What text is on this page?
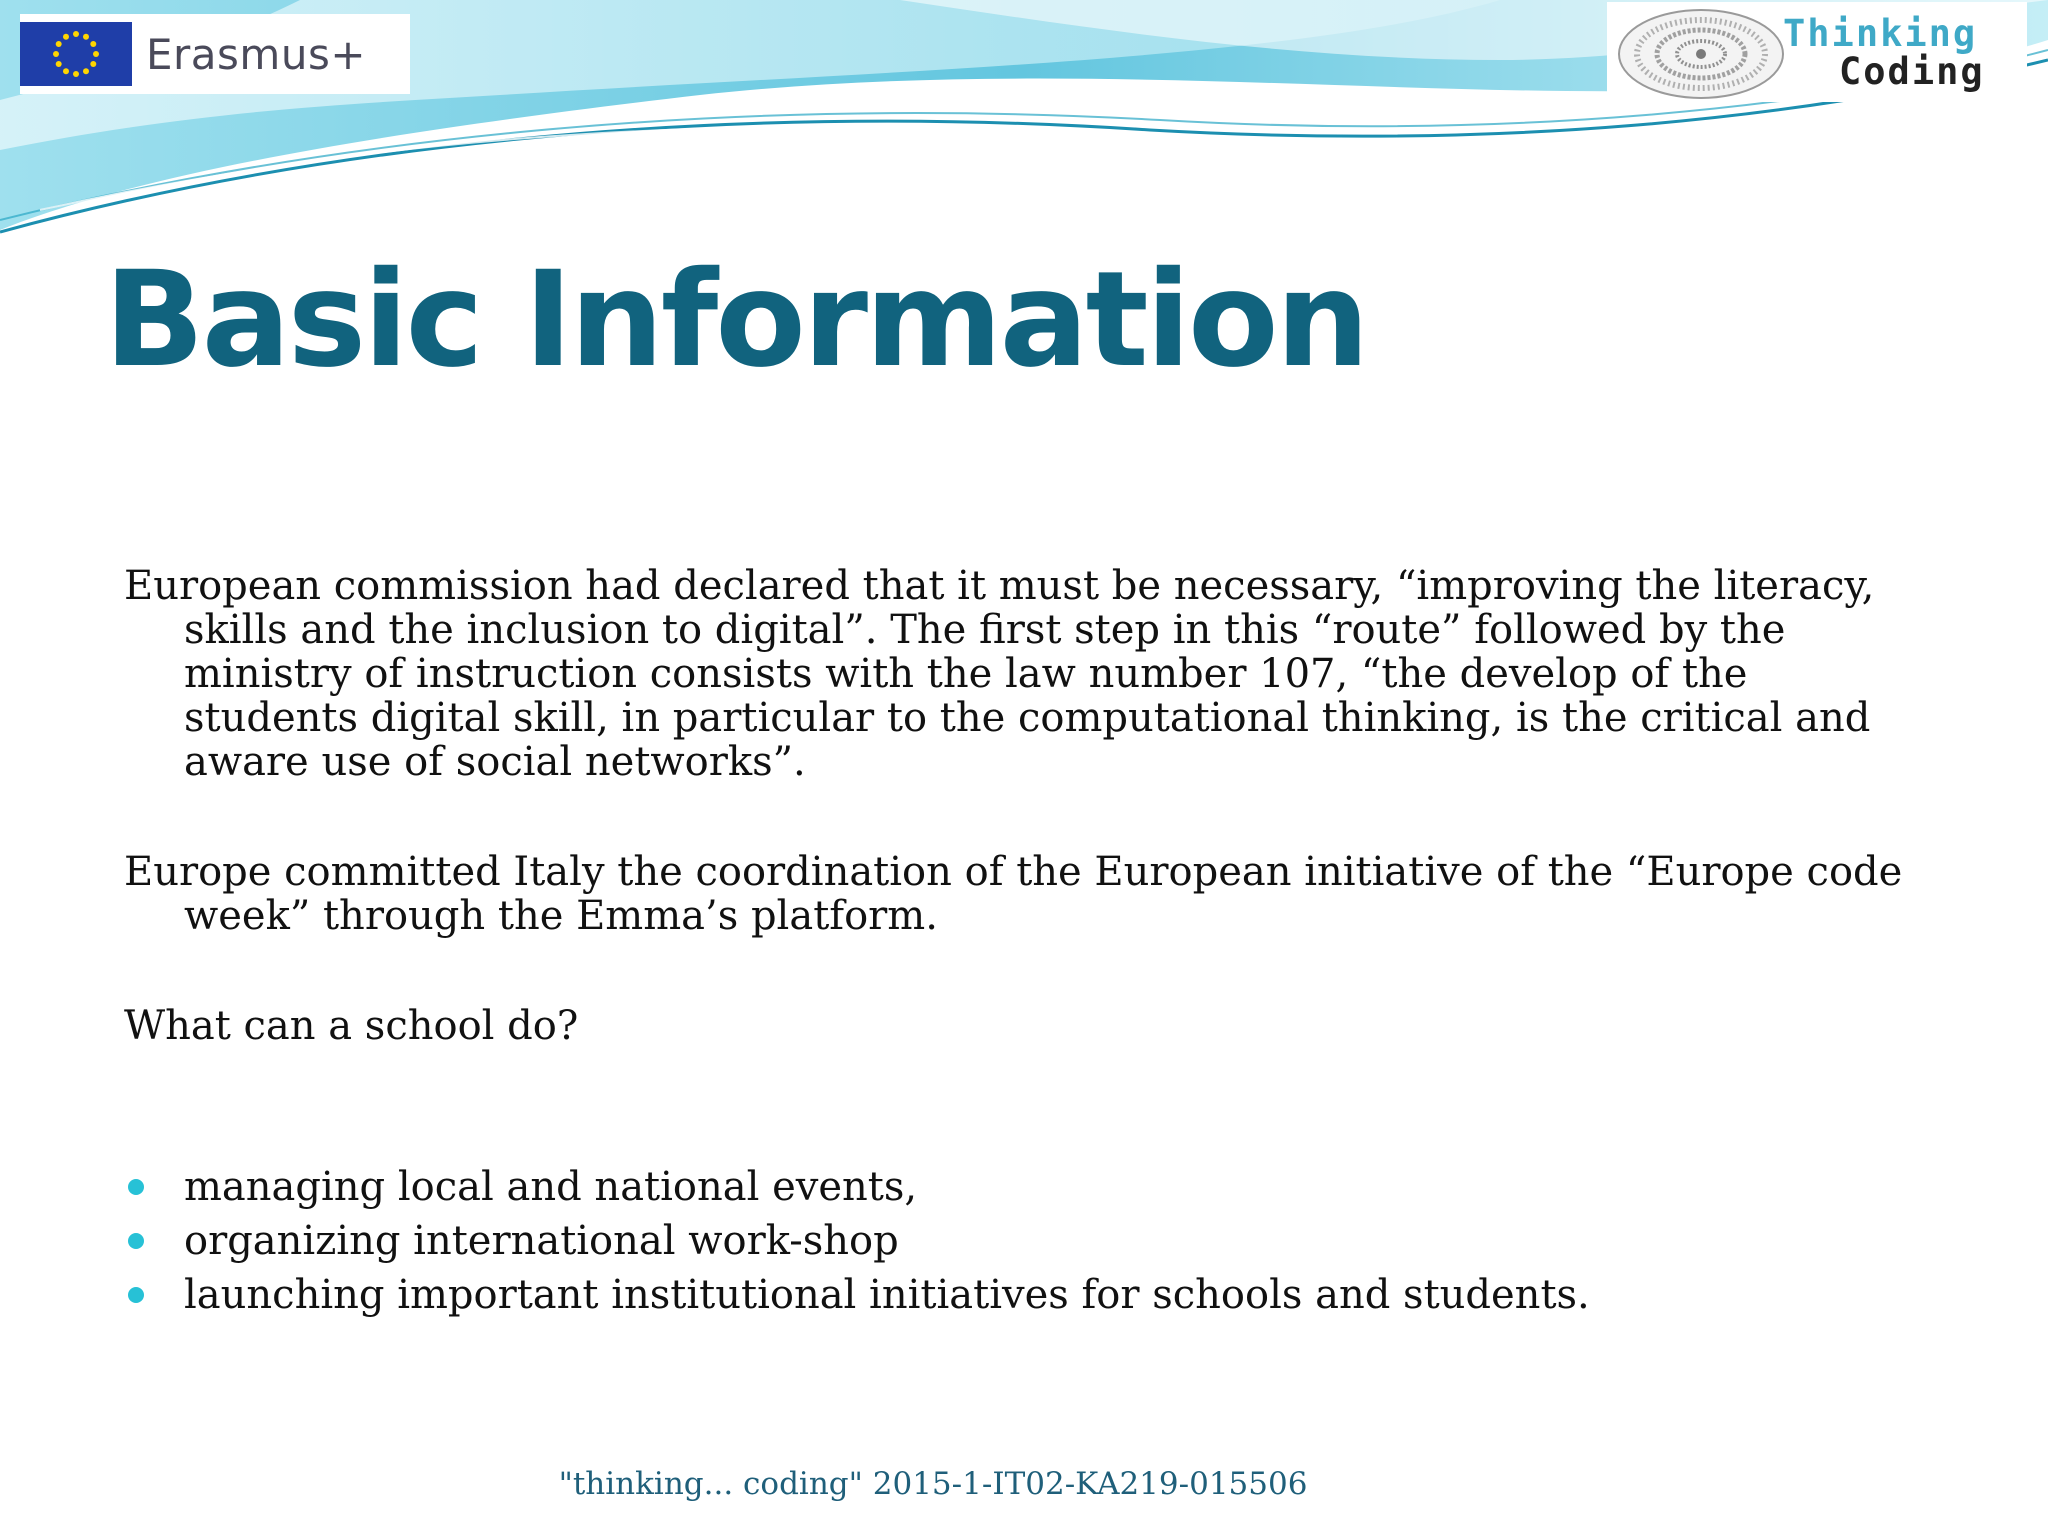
Erasmus+	Thinking
Coding
Basic Information

European commission had declared that it must be necessary, “improving the literacy, skills and the inclusion to digital”. The first step in this “route” followed by the ministry of instruction consists with the law number 107, “the develop of the students digital skill, in particular to the computational thinking, is the critical and aware use of social networks”.

Europe committed Italy the coordination of the European initiative of the “Europe code week” through the Emma’s platform.

What can a school do?

managing local and national events,
organizing international work-shop
launching important institutional initiatives for schools and students.
"thinking... coding" 2015-1-IT02-KA219-015506
